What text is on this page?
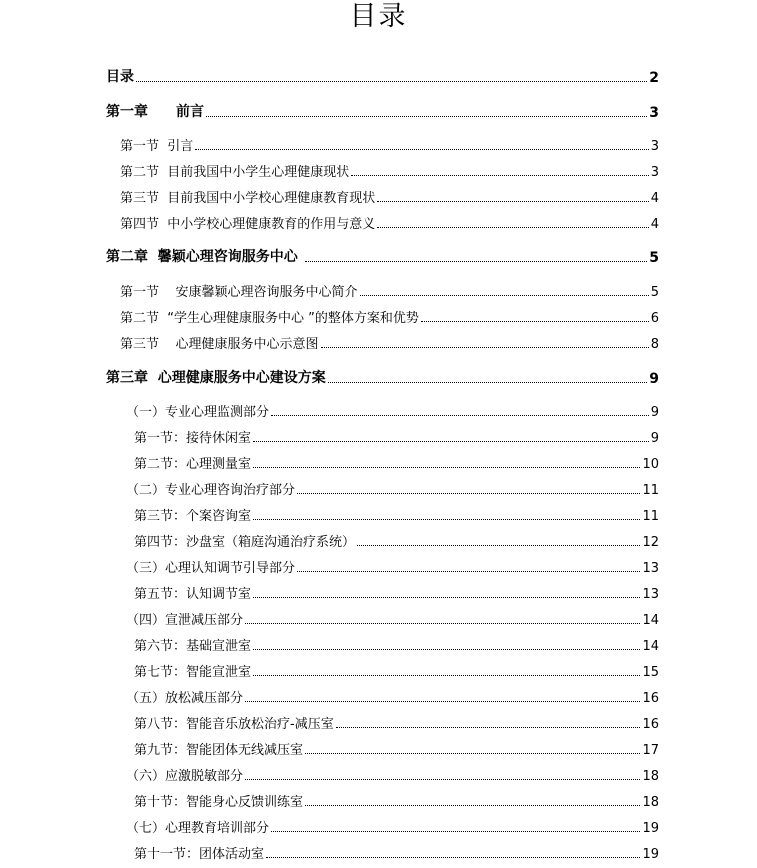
目录
目录	2
第一章　　前言	3
第一节  引言	3
第二节  目前我国中小学生心理健康现状	3
第三节  目前我国中小学校心理健康教育现状	4
第四节  中小学校心理健康教育的作用与意义	4
第二章  馨颖心理咨询服务中心	5
第一节    安康馨颖心理咨询服务中心简介	5
第二节  “学生心理健康服务中心 ”的整体方案和优势	6
第三节    心理健康服务中心示意图	8
第三章  心理健康服务中心建设方案	9
（一）专业心理监测部分	9
第一节：接待休闲室	9
第二节：心理测量室	10
（二）专业心理咨询治疗部分	11
第三节：个案咨询室	11
第四节：沙盘室（箱庭沟通治疗系统）	12
（三）心理认知调节引导部分	13
第五节：认知调节室	13
（四）宣泄减压部分	14
第六节：基础宣泄室	14
第七节：智能宣泄室	15
（五）放松减压部分	16
第八节：智能音乐放松治疗-减压室	16
第九节：智能团体无线减压室	17
（六）应激脱敏部分	18
第十节：智能身心反馈训练室	18
（七）心理教育培训部分	19
第十一节：团体活动室	19
